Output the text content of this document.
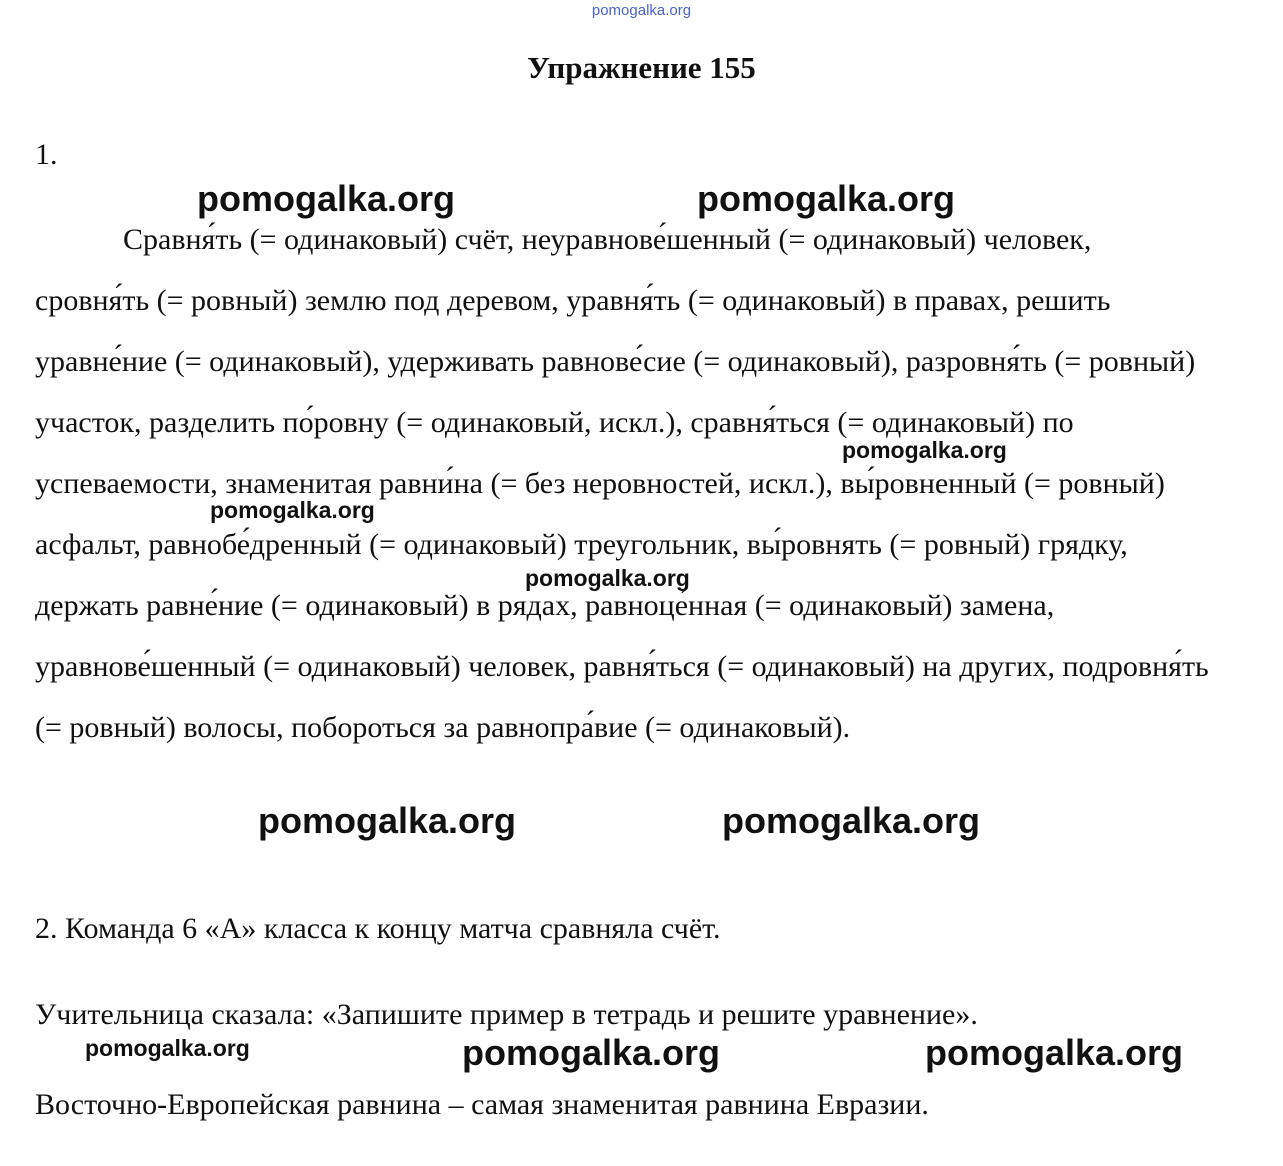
pomogalka.org
Упражнение 155
1.

Сравня́ть (= одинаковый) счёт, неуравнове́шенный (= одинаковый) человек, сровня́ть (= ровный) землю под деревом, уравня́ть (= одинаковый) в правах, решить уравне́ние (= одинаковый), удерживать равнове́сие (= одинаковый), разровня́ть (= ровный) участок, разделить по́ровну (= одинаковый, искл.), сравня́ться (= одинаковый) по успеваемости, знаменитая равни́на (= без неровностей, искл.), вы́ровненный (= ровный) асфальт, равнобе́дренный (= одинаковый) треугольник, вы́ровнять (= ровный) грядку, держать равне́ние (= одинаковый) в рядах, равноце́нная (= одинаковый) замена, уравнове́шенный (= одинаковый) человек, равня́ться (= одинаковый) на других, подровня́ть (= ровный) волосы, побороться за равнопра́вие (= одинаковый).

2. Команда 6 «А» класса к концу матча сравняла счёт.
Учительница сказала: «Запишите пример в тетрадь и решите уравнение».
Восточно-Европейская равнина – самая знаменитая равнина Евразии.
pomogalka.org	pomogalka.org
pomogalka.org
pomogalka.org
pomogalka.org
pomogalka.org	pomogalka.org
pomogalka.org	pomogalka.org	pomogalka.org
